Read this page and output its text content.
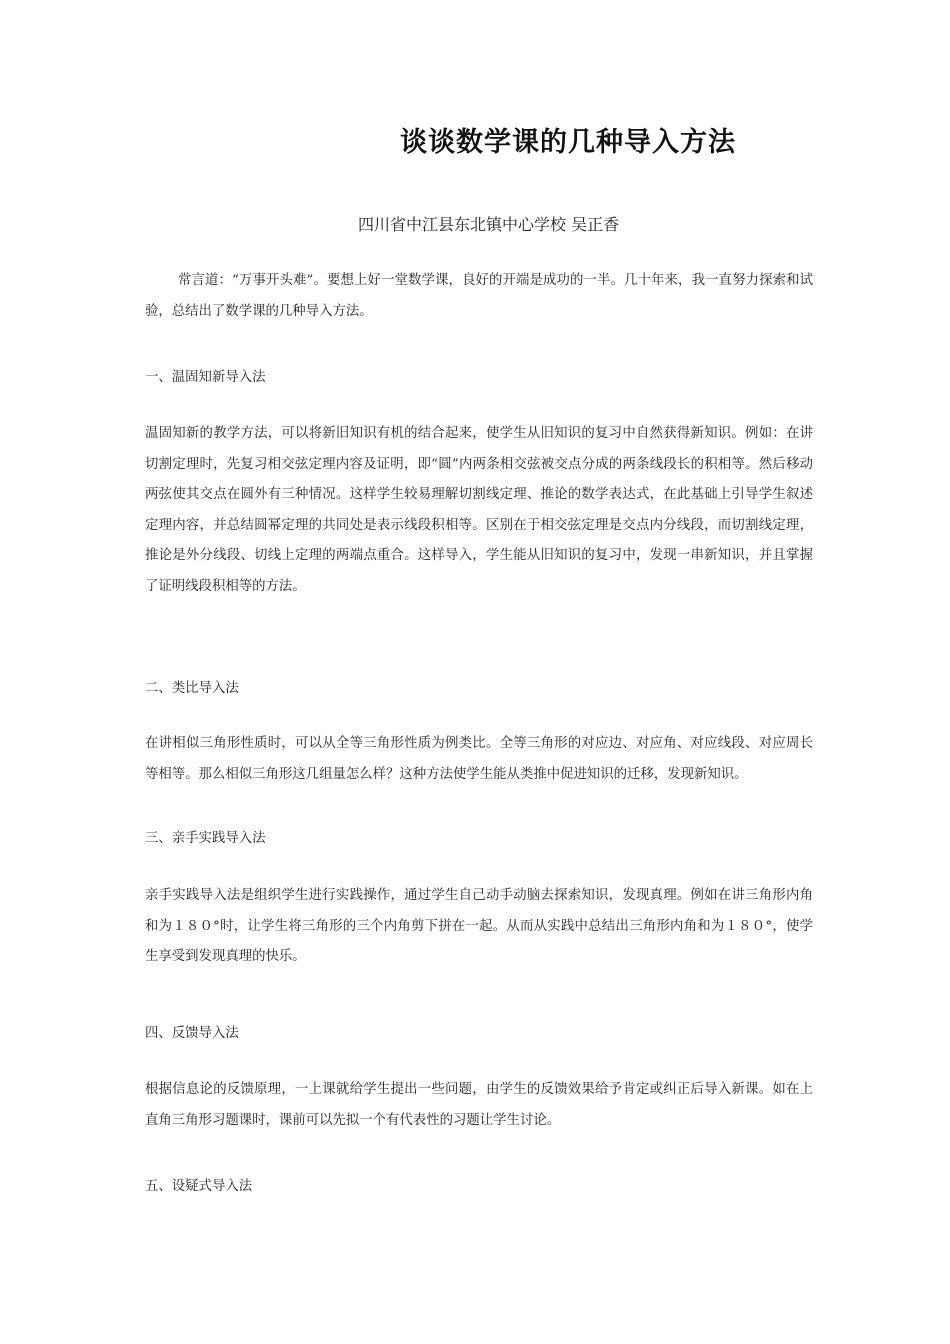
谈谈数学课的几种导入方法
四川省中江县东北镇中心学校 吴正香
常言道：“万事开头难”。要想上好一堂数学课，良好的开端是成功的一半。几十年来，我一直努力探索和试验，总结出了数学课的几种导入方法。
一、温固知新导入法
温固知新的教学方法，可以将新旧知识有机的结合起来，使学生从旧知识的复习中自然获得新知识。例如：在讲切割定理时，先复习相交弦定理内容及证明，即“圆”内两条相交弦被交点分成的两条线段长的积相等。然后移动两弦使其交点在圆外有三种情况。这样学生较易理解切割线定理、推论的数学表达式，在此基础上引导学生叙述定理内容，并总结圆幂定理的共同处是表示线段积相等。区别在于相交弦定理是交点内分线段，而切割线定理，推论是外分线段、切线上定理的两端点重合。这样导入，学生能从旧知识的复习中，发现一串新知识，并且掌握了证明线段积相等的方法。
二、类比导入法
在讲相似三角形性质时，可以从全等三角形性质为例类比。全等三角形的对应边、对应角、对应线段、对应周长等相等。那么相似三角形这几组量怎么样？这种方法使学生能从类推中促进知识的迁移，发现新知识。
三、亲手实践导入法
亲手实践导入法是组织学生进行实践操作，通过学生自己动手动脑去探索知识，发现真理。例如在讲三角形内角和为１８０°时，让学生将三角形的三个内角剪下拼在一起。从而从实践中总结出三角形内角和为１８０°，使学生享受到发现真理的快乐。
四、反馈导入法
根据信息论的反馈原理，一上课就给学生提出一些问题，由学生的反馈效果给予肯定或纠正后导入新课。如在上直角三角形习题课时，课前可以先拟一个有代表性的习题让学生讨论。
五、设疑式导入法
